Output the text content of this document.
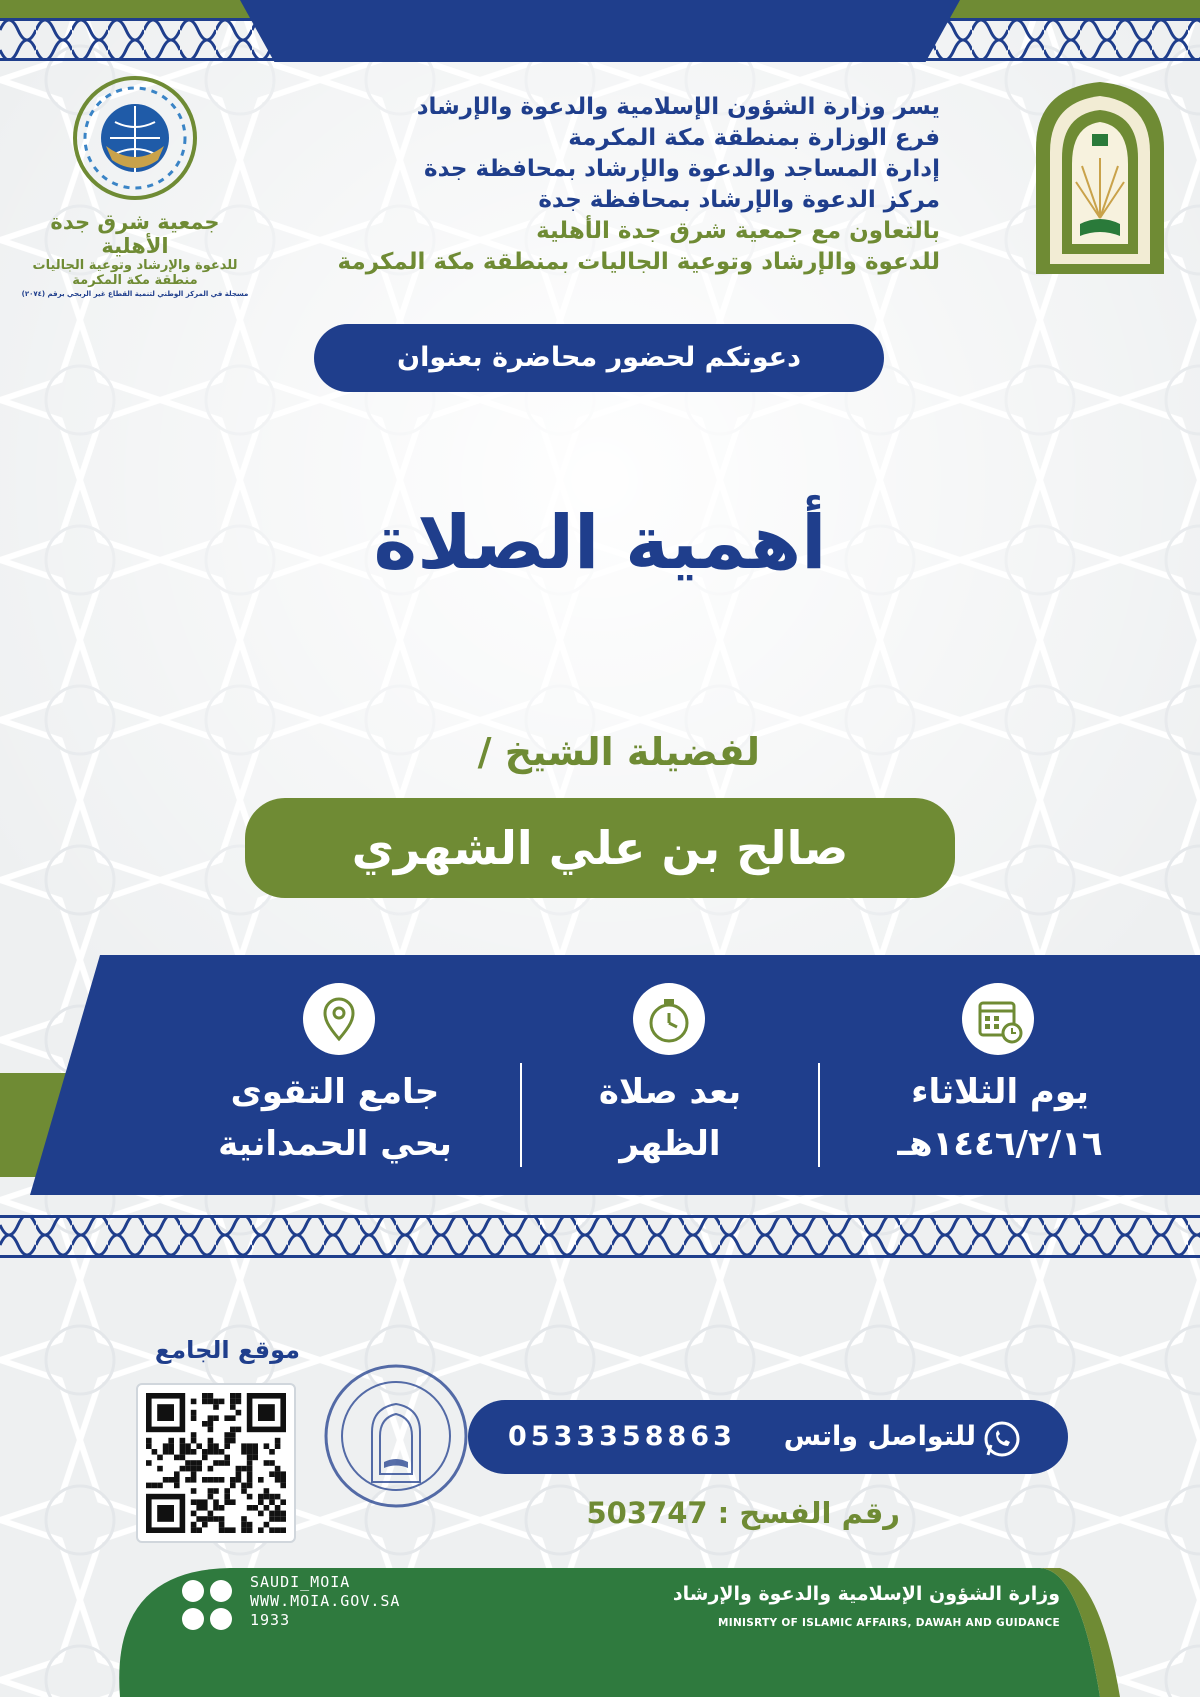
جمعية شرق جدة الأهلية
للدعوة والإرشاد وتوعية الجاليات
منطقة مكة المكرمة
مسجلة في المركز الوطني لتنمية القطاع غير الربحي برقم (٢٠٧٤)
يسر وزارة الشؤون الإسلامية والدعوة والإرشاد
فرع الوزارة بمنطقة مكة المكرمة
إدارة المساجد والدعوة والإرشاد بمحافظة جدة
مركز الدعوة والإرشاد بمحافظة جدة
بالتعاون مع جمعية شرق جدة الأهلية
للدعوة والإرشاد وتوعية الجاليات بمنطقة مكة المكرمة
دعوتكم لحضور محاضرة بعنوان
أهمية الصلاة
لفضيلة الشيخ /
صالح بن علي الشهري
يوم الثلاثاء
١٤٤٦/٢/١٦هـ
بعد صلاة
الظهر
جامع التقوى
بحي الحمدانية
موقع الجامع
للتواصل واتس
0533358863
رقم الفسح : 503747
SAUDI_MOIA
WWW.MOIA.GOV.SA
1933
وزارة الشؤون الإسلامية والدعوة والإرشاد
MINISRTY OF ISLAMIC AFFAIRS, DAWAH AND GUIDANCE
